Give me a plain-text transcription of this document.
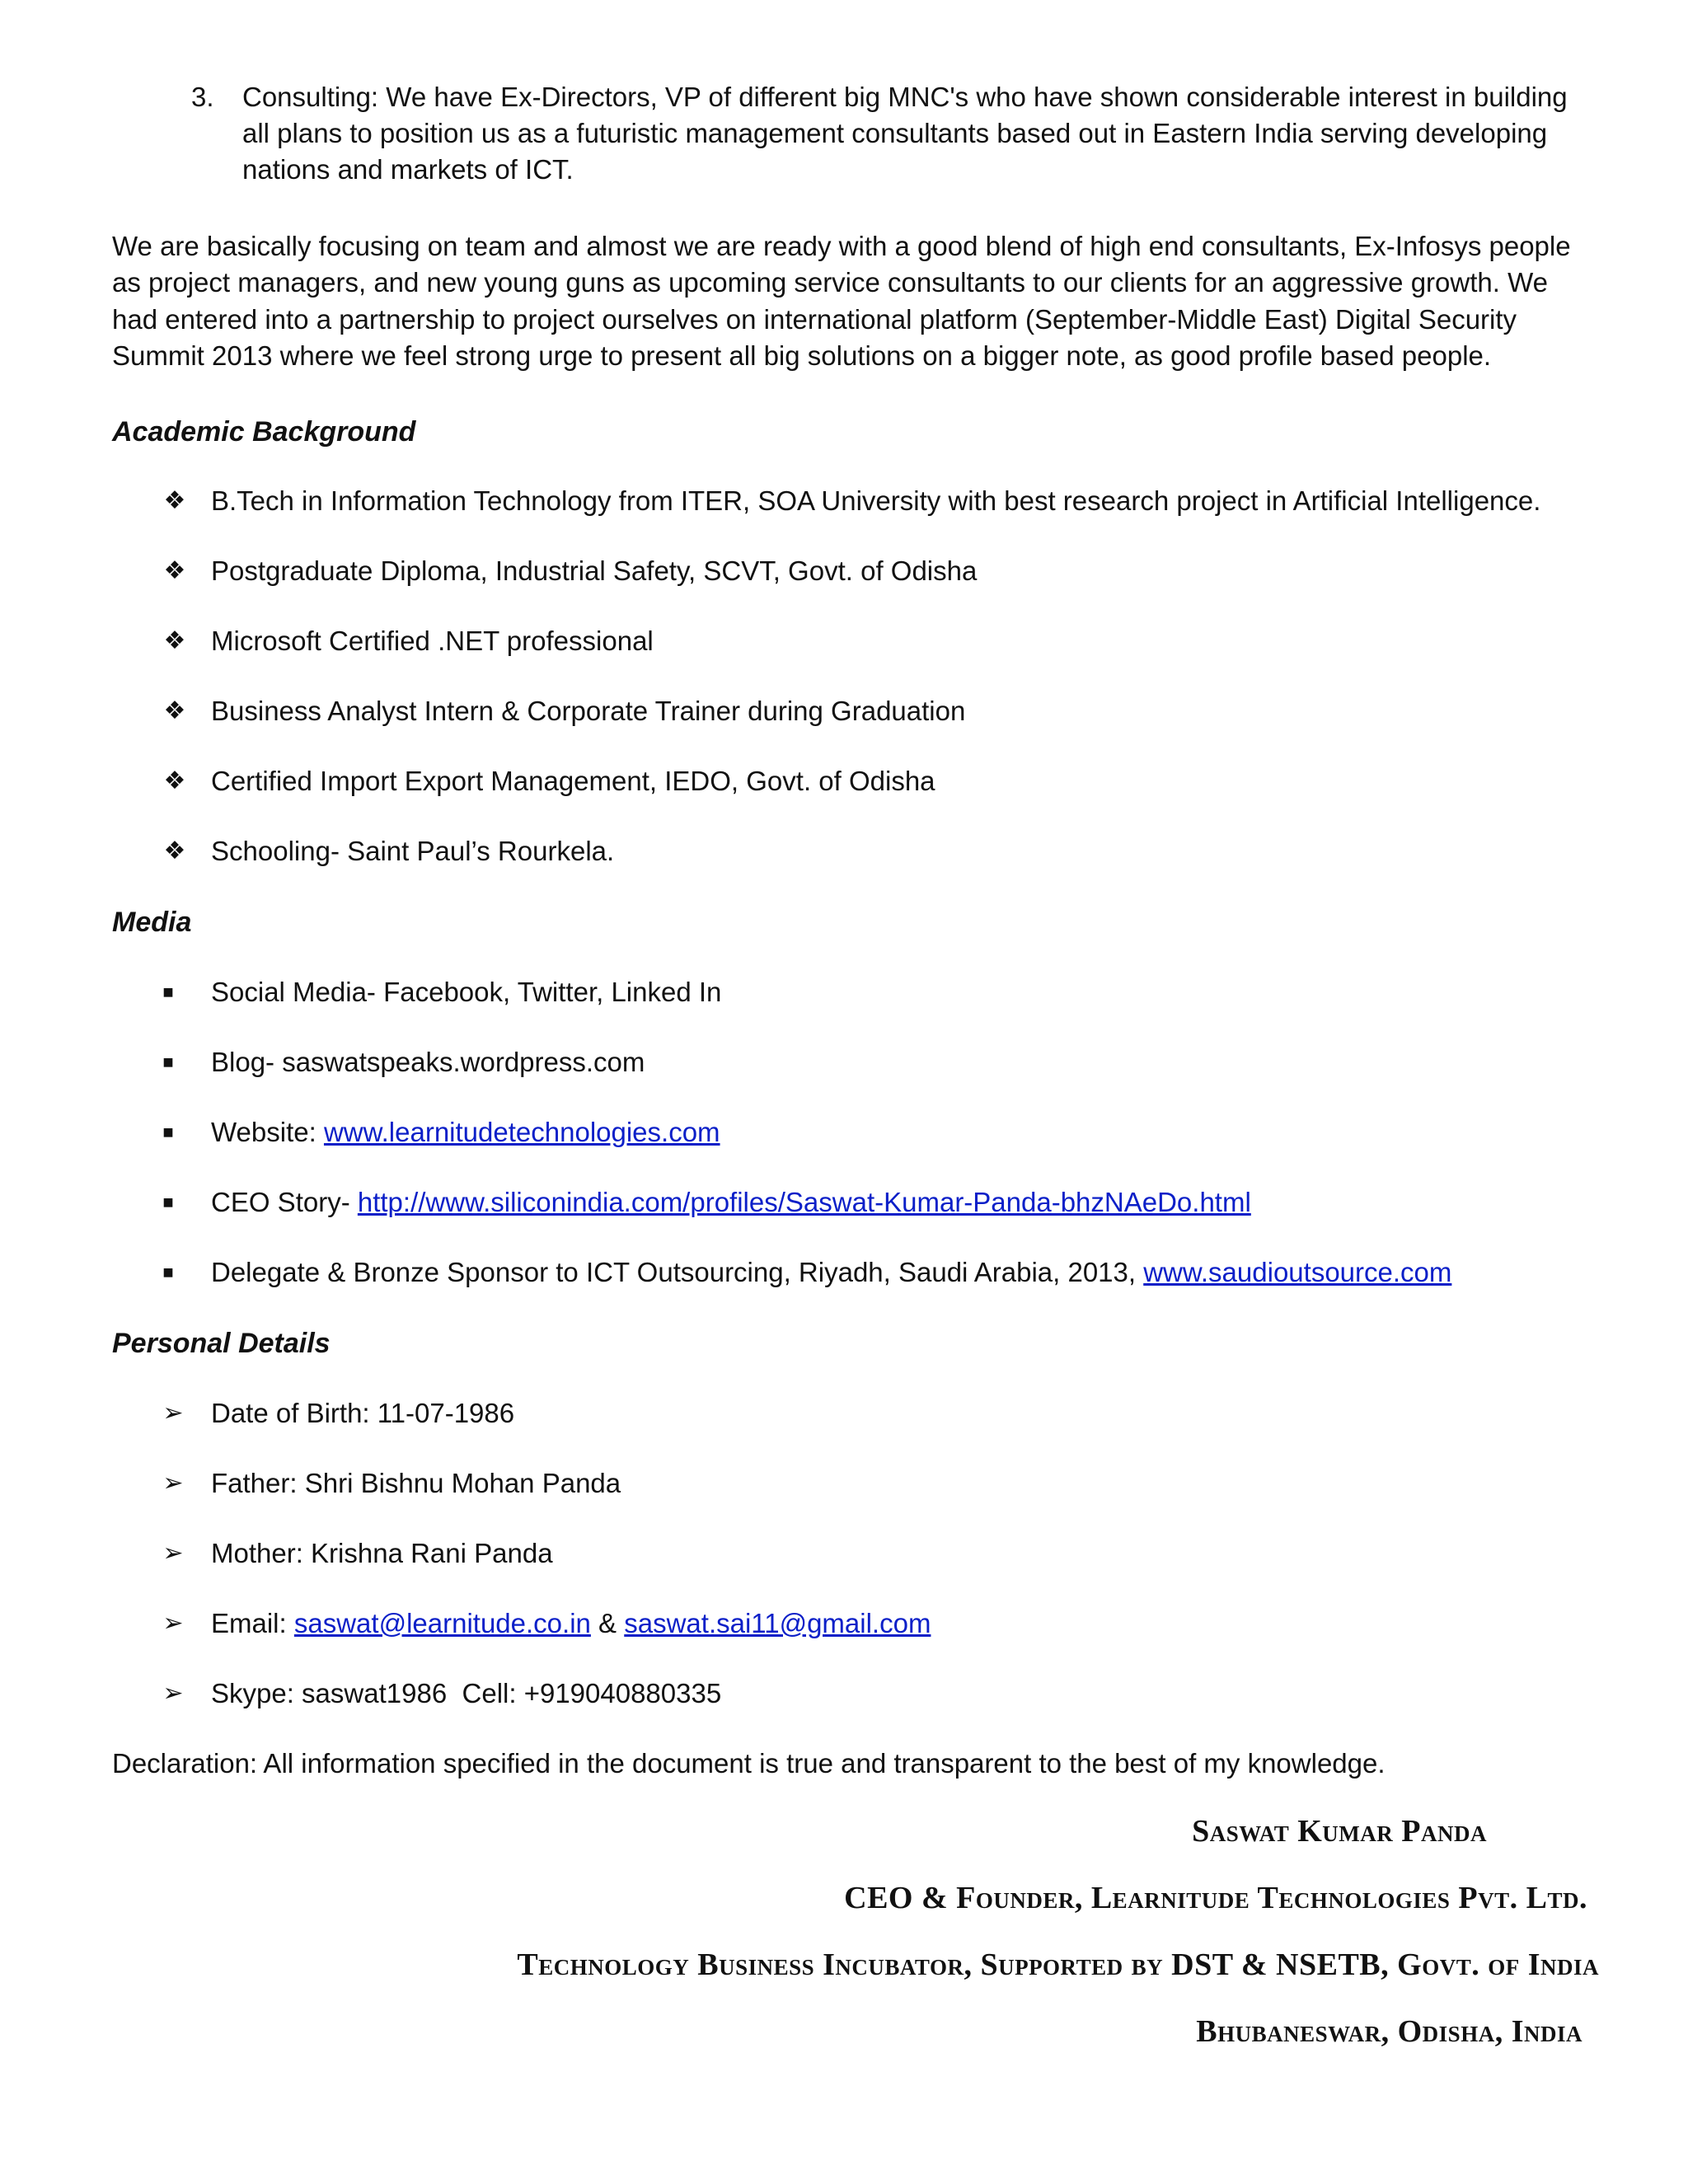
3. Consulting: We have Ex-Directors, VP of different big MNC's who have shown considerable interest in building
all plans to position us as a futuristic management consultants based out in Eastern India serving developing
nations and markets of ICT.
We are basically focusing on team and almost we are ready with a good blend of high end consultants, Ex-Infosys people
as project managers, and new young guns as upcoming service consultants to our clients for an aggressive growth. We
had entered into a partnership to project ourselves on international platform (September-Middle East) Digital Security
Summit 2013 where we feel strong urge to present all big solutions on a bigger note, as good profile based people.
Academic Background
❖ B.Tech in Information Technology from ITER, SOA University with best research project in Artificial Intelligence.
❖ Postgraduate Diploma, Industrial Safety, SCVT, Govt. of Odisha
❖ Microsoft Certified .NET professional
❖ Business Analyst Intern & Corporate Trainer during Graduation
❖ Certified Import Export Management, IEDO, Govt. of Odisha
❖ Schooling- Saint Paul’s Rourkela.
Media
■	Social Media- Facebook, Twitter, Linked In
■	Blog- saswatspeaks.wordpress.com
■	Website: www.learnitudetechnologies.com
■	CEO Story- http://www.siliconindia.com/profiles/Saswat-Kumar-Panda-bhzNAeDo.html
■	Delegate & Bronze Sponsor to ICT Outsourcing, Riyadh, Saudi Arabia, 2013, www.saudioutsource.com
Personal Details
➢ Date of Birth: 11-07-1986
➢ Father: Shri Bishnu Mohan Panda
➢ Mother: Krishna Rani Panda
➢ Email: saswat@learnitude.co.in & saswat.sai11@gmail.com
➢ Skype: saswat1986  Cell: +919040880335
Declaration: All information specified in the document is true and transparent to the best of my knowledge.
Saswat Kumar Panda
CEO & Founder, Learnitude Technologies Pvt. Ltd.
Technology Business Incubator, Supported by DST & NSETB, Govt. of India
Bhubaneswar, Odisha, India
